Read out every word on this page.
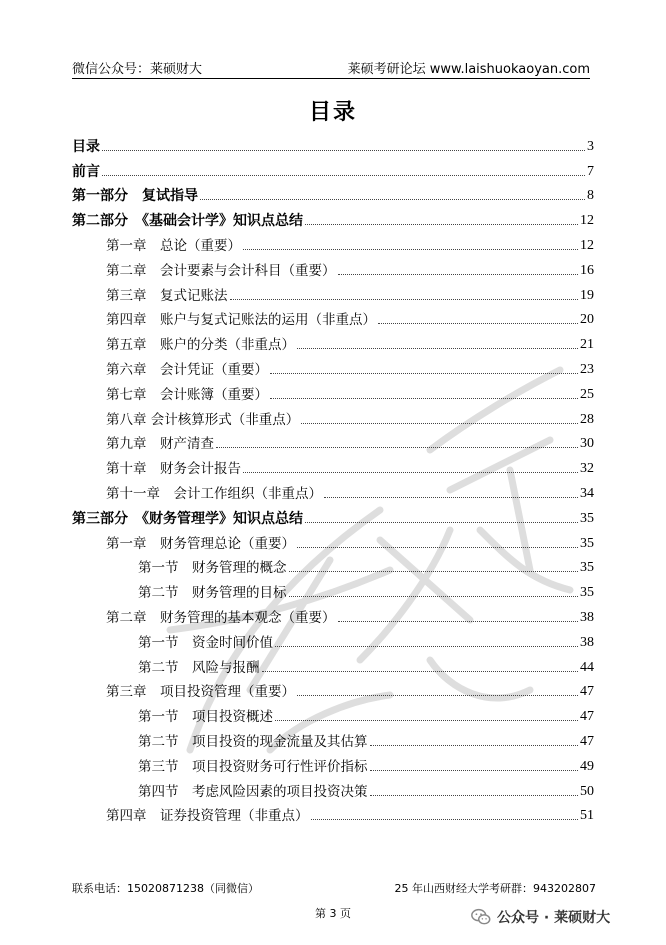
微信公众号：莱硕财大	莱硕考研论坛 www.laishuokaoyan.com
目录
目录	3
前言	7
第一部分　复试指导	8
第二部分　《基础会计学》知识点总结	12
第一章　总论（重要）	12
第二章　会计要素与会计科目（重要）	16
第三章　复式记账法	19
第四章　账户与复式记账法的运用（非重点）	20
第五章　账户的分类（非重点）	21
第六章　会计凭证（重要）	23
第七章　会计账簿（重要）	25
第八章 会计核算形式（非重点）	28
第九章　财产清查	30
第十章　财务会计报告	32
第十一章　会计工作组织（非重点）	34
第三部分　《财务管理学》知识点总结	35
第一章　财务管理总论（重要）	35
第一节　财务管理的概念	35
第二节　财务管理的目标	35
第二章　财务管理的基本观念（重要）	38
第一节　资金时间价值	38
第二节　风险与报酬	44
第三章　项目投资管理（重要）	47
第一节　项目投资概述	47
第二节　项目投资的现金流量及其估算	47
第三节　项目投资财务可行性评价指标	49
第四节　考虑风险因素的项目投资决策	50
第四章　证券投资管理（非重点）	51
联系电话：15020871238（同微信）	25 年山西财经大学考研群：943202807
第 3 页	公众号 · 莱硕财大
